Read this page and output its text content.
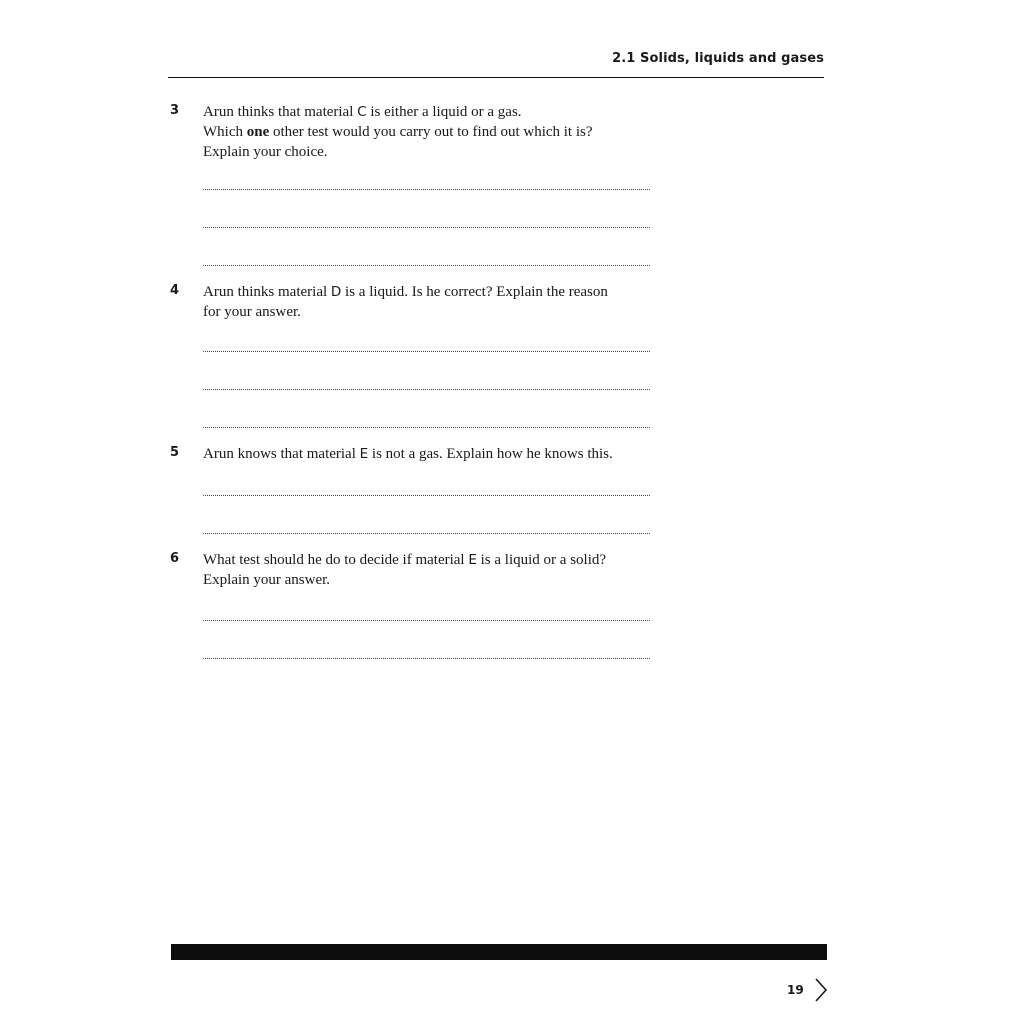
2.1 Solids, liquids and gases
3 Arun thinks that material C is either a liquid or a gas.
Which one other test would you carry out to find out which it is?
Explain your choice.
4 Arun thinks material D is a liquid. Is he correct? Explain the reason
for your answer.
5 Arun knows that material E is not a gas. Explain how he knows this.
6 What test should he do to decide if material E is a liquid or a solid?
Explain your answer.
19
